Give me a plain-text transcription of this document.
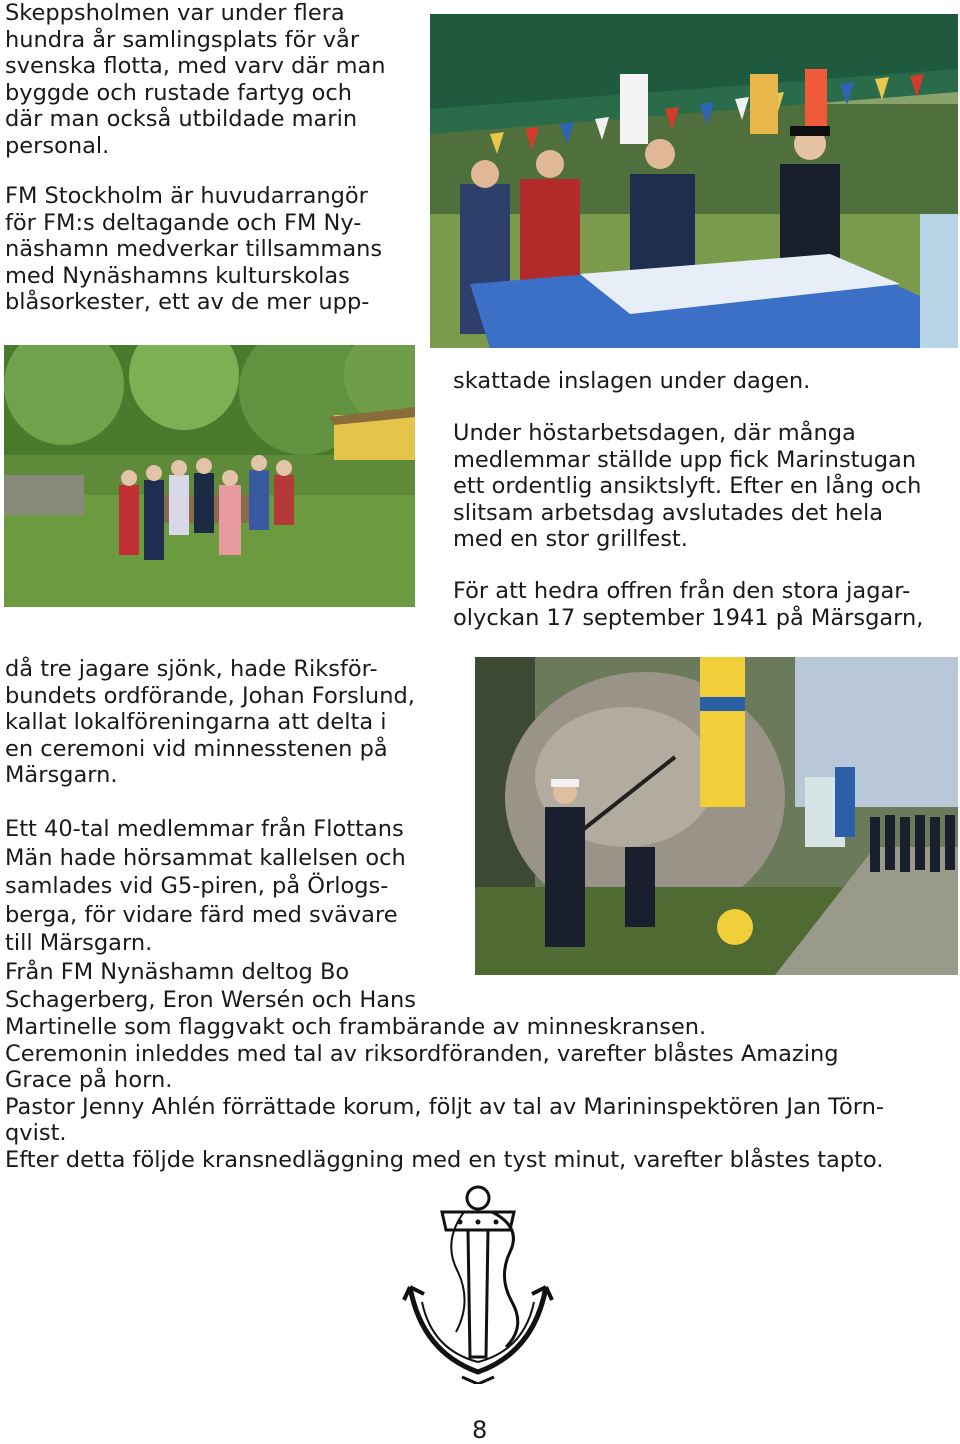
Skeppsholmen var under flera

hundra år samlingsplats för vår

svenska flotta, med varv där man

byggde och rustade fartyg och

där man också utbildade marin

personal.

FM Stockholm är huvudarrangör

för FM:s deltagande och FM Ny-

näshamn medverkar tillsammans

med Nynäshamns kulturskolas

blåsorkester, ett av de mer upp-

skattade inslagen under dagen.

Under höstarbetsdagen, där många

medlemmar ställde upp fick Marinstugan

ett ordentlig ansiktslyft. Efter en lång och

slitsam arbetsdag avslutades det hela

med en stor grillfest.

För att hedra offren från den stora jagar-

olyckan 17 september 1941 på Märsgarn,

då tre jagare sjönk, hade Riksför-

bundets ordförande, Johan Forslund,

kallat lokalföreningarna att delta i

en ceremoni vid minnesstenen på

Märsgarn.

Ett 40-tal medlemmar från Flottans

Män hade hörsammat kallelsen och

samlades vid G5-piren, på Örlogs-

berga, för vidare färd med svävare

till Märsgarn.

Från FM Nynäshamn deltog Bo

Schagerberg, Eron Wersén och Hans

Martinelle som flaggvakt och frambärande av minneskransen.

Ceremonin inleddes med tal av riksordföranden, varefter blåstes Amazing

Grace på horn.

Pastor Jenny Ahlén förrättade korum, följt av tal av Marininspektören Jan Törn-

qvist.

Efter detta följde kransnedläggning med en tyst minut, varefter blåstes tapto.

8
